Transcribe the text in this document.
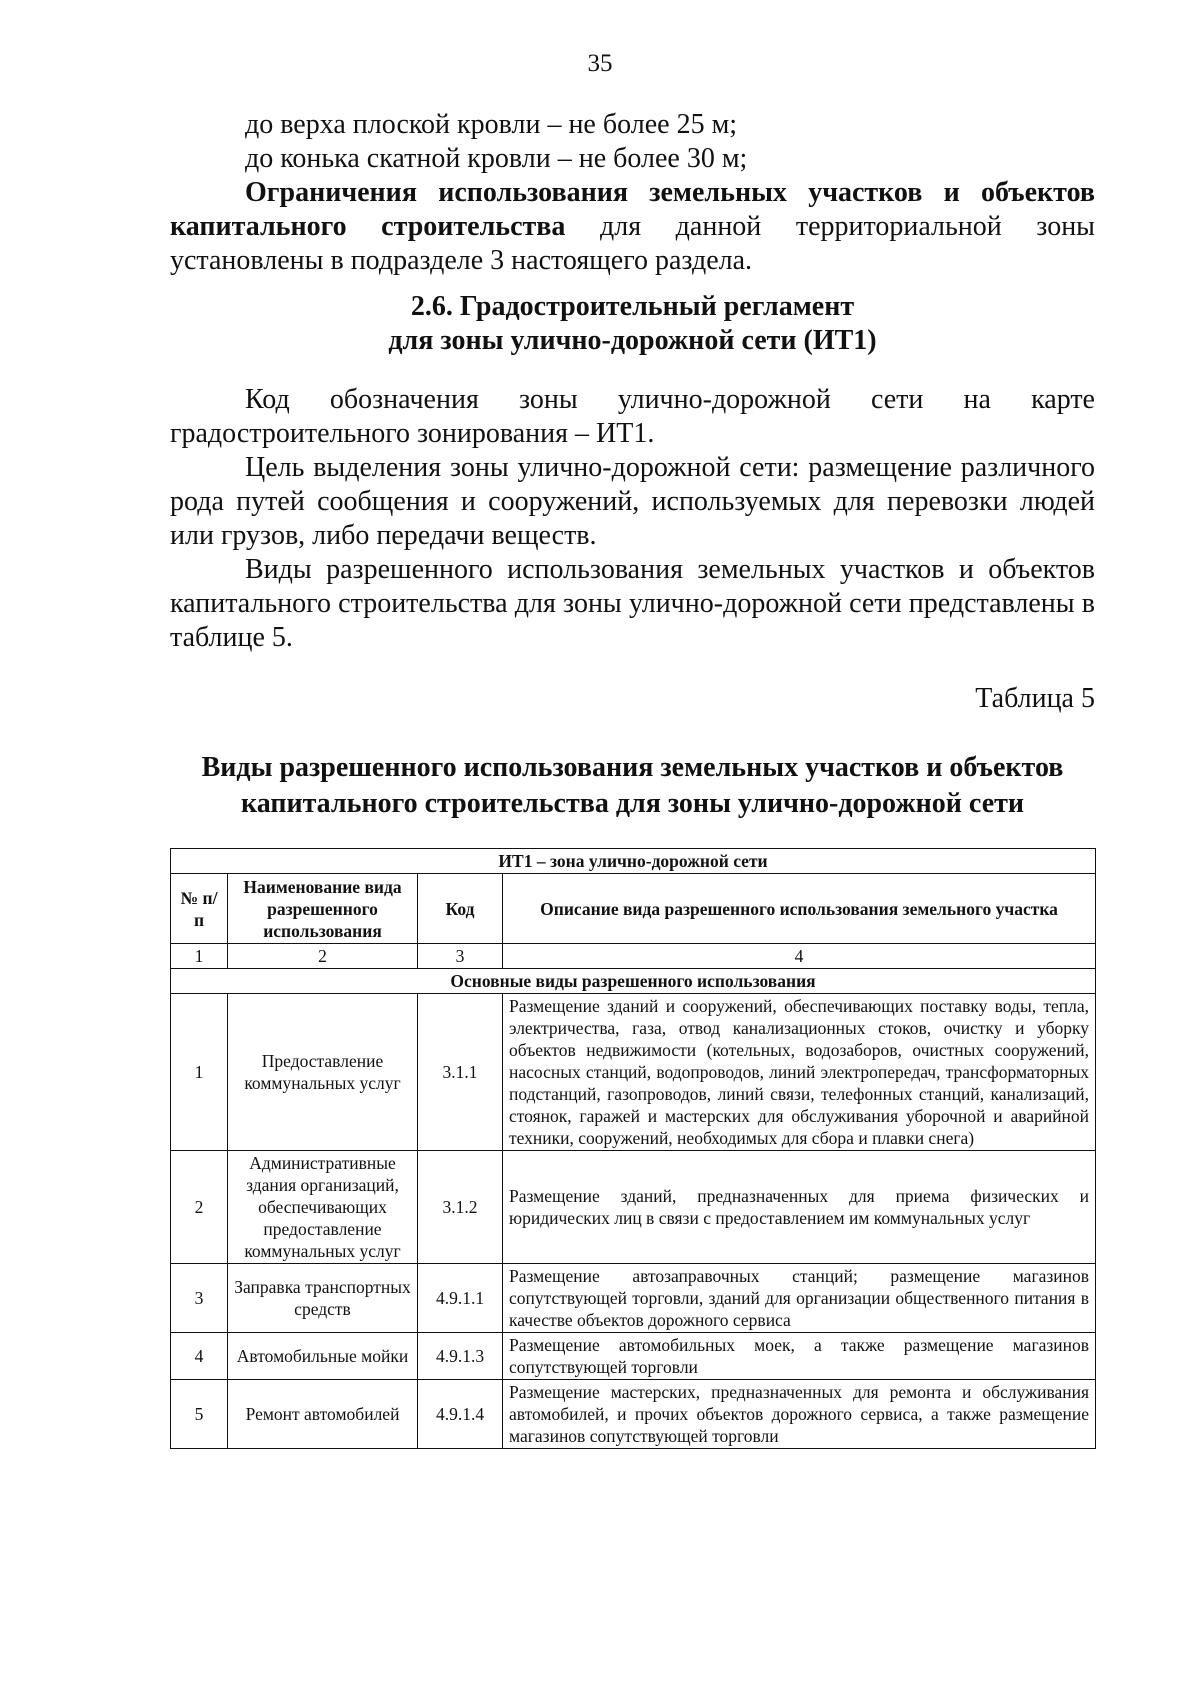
35
до верха плоской кровли – не более 25 м;
до конька скатной кровли – не более 30 м;
Ограничения использования земельных участков и объектов капитального строительства для данной территориальной зоны установлены в подразделе 3 настоящего раздела.
2.6. Градостроительный регламент
для зоны улично-дорожной сети (ИТ1)
Код обозначения зоны улично-дорожной сети на карте градостроительного зонирования – ИТ1.
Цель выделения зоны улично-дорожной сети: размещение различного рода путей сообщения и сооружений, используемых для перевозки людей или грузов, либо передачи веществ.
Виды разрешенного использования земельных участков и объектов капитального строительства для зоны улично-дорожной сети представлены в таблице 5.
Таблица 5
Виды разрешенного использования земельных участков и объектов
капитального строительства для зоны улично-дорожной сети
ИТ1 – зона улично-дорожной сети			
№ п/п	Наименование вида разрешенного использования	Код	Описание вида разрешенного использования земельного участка
1	2	3	4
Основные виды разрешенного использования			
1	Предоставление коммунальных услуг	3.1.1	Размещение зданий и сооружений, обеспечивающих поставку воды, тепла, электричества, газа, отвод канализационных стоков, очистку и уборку объектов недвижимости (котельных, водозаборов, очистных сооружений, насосных станций, водопроводов, линий электропередач, трансформаторных подстанций, газопроводов, линий связи, телефонных станций, канализаций, стоянок, гаражей и мастерских для обслуживания уборочной и аварийной техники, сооружений, необходимых для сбора и плавки снега)
2	Административные здания организаций, обеспечивающих предоставление коммунальных услуг	3.1.2	Размещение зданий, предназначенных для приема физических и юридических лиц в связи с предоставлением им коммунальных услуг
3	Заправка транспортных средств	4.9.1.1	Размещение автозаправочных станций; размещение магазинов сопутствующей торговли, зданий для организации общественного питания в качестве объектов дорожного сервиса
4	Автомобильные мойки	4.9.1.3	Размещение автомобильных моек, а также размещение магазинов сопутствующей торговли
5	Ремонт автомобилей	4.9.1.4	Размещение мастерских, предназначенных для ремонта и обслуживания автомобилей, и прочих объектов дорожного сервиса, а также размещение магазинов сопутствующей торговли
